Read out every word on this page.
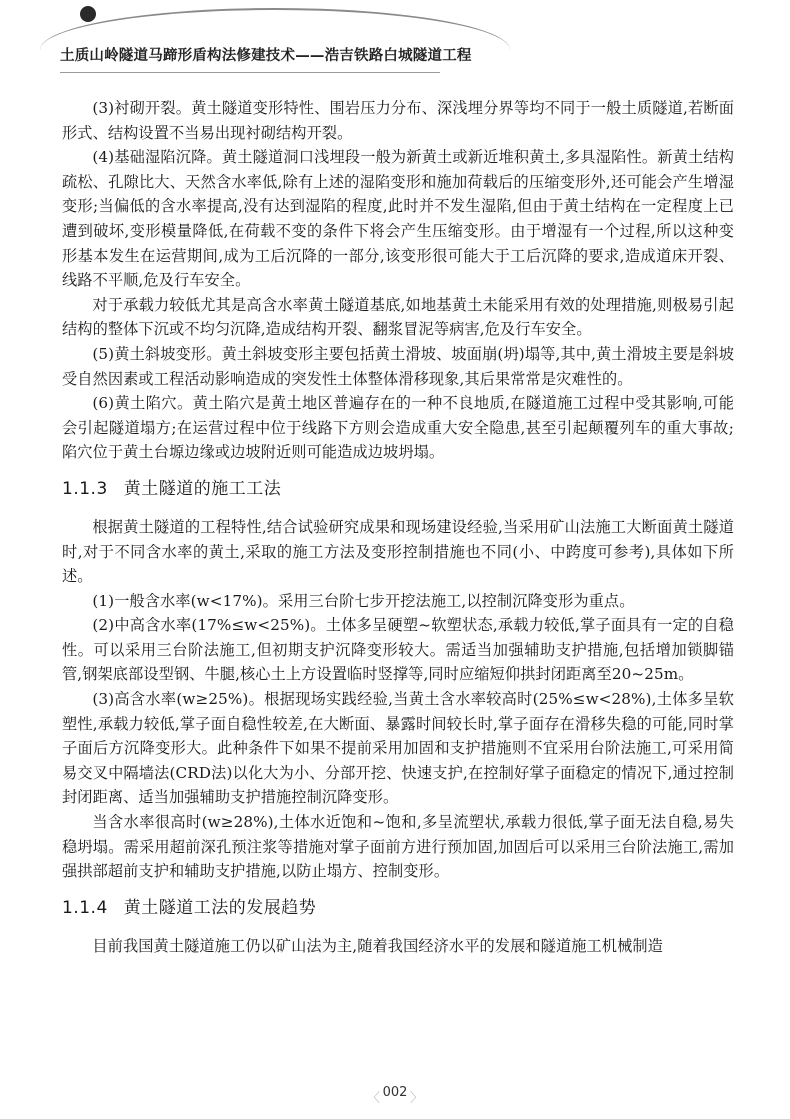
土质山岭隧道马蹄形盾构法修建技术——浩吉铁路白城隧道工程

(3)衬砌开裂。黄土隧道变形特性、围岩压力分布、深浅埋分界等均不同于一般土质隧道,若断面形式、结构设置不当易出现衬砌结构开裂。

(4)基础湿陷沉降。黄土隧道洞口浅埋段一般为新黄土或新近堆积黄土,多具湿陷性。新黄土结构疏松、孔隙比大、天然含水率低,除有上述的湿陷变形和施加荷载后的压缩变形外,还可能会产生增湿变形;当偏低的含水率提高,没有达到湿陷的程度,此时并不发生湿陷,但由于黄土结构在一定程度上已遭到破坏,变形模量降低,在荷载不变的条件下将会产生压缩变形。由于增湿有一个过程,所以这种变形基本发生在运营期间,成为工后沉降的一部分,该变形很可能大于工后沉降的要求,造成道床开裂、线路不平顺,危及行车安全。

对于承载力较低尤其是高含水率黄土隧道基底,如地基黄土未能采用有效的处理措施,则极易引起结构的整体下沉或不均匀沉降,造成结构开裂、翻浆冒泥等病害,危及行车安全。

(5)黄土斜坡变形。黄土斜坡变形主要包括黄土滑坡、坡面崩(坍)塌等,其中,黄土滑坡主要是斜坡受自然因素或工程活动影响造成的突发性土体整体滑移现象,其后果常常是灾难性的。

(6)黄土陷穴。黄土陷穴是黄土地区普遍存在的一种不良地质,在隧道施工过程中受其影响,可能会引起隧道塌方;在运营过程中位于线路下方则会造成重大安全隐患,甚至引起颠覆列车的重大事故;陷穴位于黄土台塬边缘或边坡附近则可能造成边坡坍塌。

1.1.3 黄土隧道的施工工法

根据黄土隧道的工程特性,结合试验研究成果和现场建设经验,当采用矿山法施工大断面黄土隧道时,对于不同含水率的黄土,采取的施工方法及变形控制措施也不同(小、中跨度可参考),具体如下所述。

(1)一般含水率(w<17%)。采用三台阶七步开挖法施工,以控制沉降变形为重点。

(2)中高含水率(17%≤w<25%)。土体多呈硬塑~软塑状态,承载力较低,掌子面具有一定的自稳性。可以采用三台阶法施工,但初期支护沉降变形较大。需适当加强辅助支护措施,包括增加锁脚锚管,钢架底部设型钢、牛腿,核心土上方设置临时竖撑等,同时应缩短仰拱封闭距离至20~25m。

(3)高含水率(w≥25%)。根据现场实践经验,当黄土含水率较高时(25%≤w<28%),土体多呈软塑性,承载力较低,掌子面自稳性较差,在大断面、暴露时间较长时,掌子面存在滑移失稳的可能,同时掌子面后方沉降变形大。此种条件下如果不提前采用加固和支护措施则不宜采用台阶法施工,可采用简易交叉中隔墙法(CRD法)以化大为小、分部开挖、快速支护,在控制好掌子面稳定的情况下,通过控制封闭距离、适当加强辅助支护措施控制沉降变形。

当含水率很高时(w≥28%),土体水近饱和~饱和,多呈流塑状,承载力很低,掌子面无法自稳,易失稳坍塌。需采用超前深孔预注浆等措施对掌子面前方进行预加固,加固后可以采用三台阶法施工,需加强拱部超前支护和辅助支护措施,以防止塌方、控制变形。

1.1.4 黄土隧道工法的发展趋势

目前我国黄土隧道施工仍以矿山法为主,随着我国经济水平的发展和隧道施工机械制造

〈 002 〉
